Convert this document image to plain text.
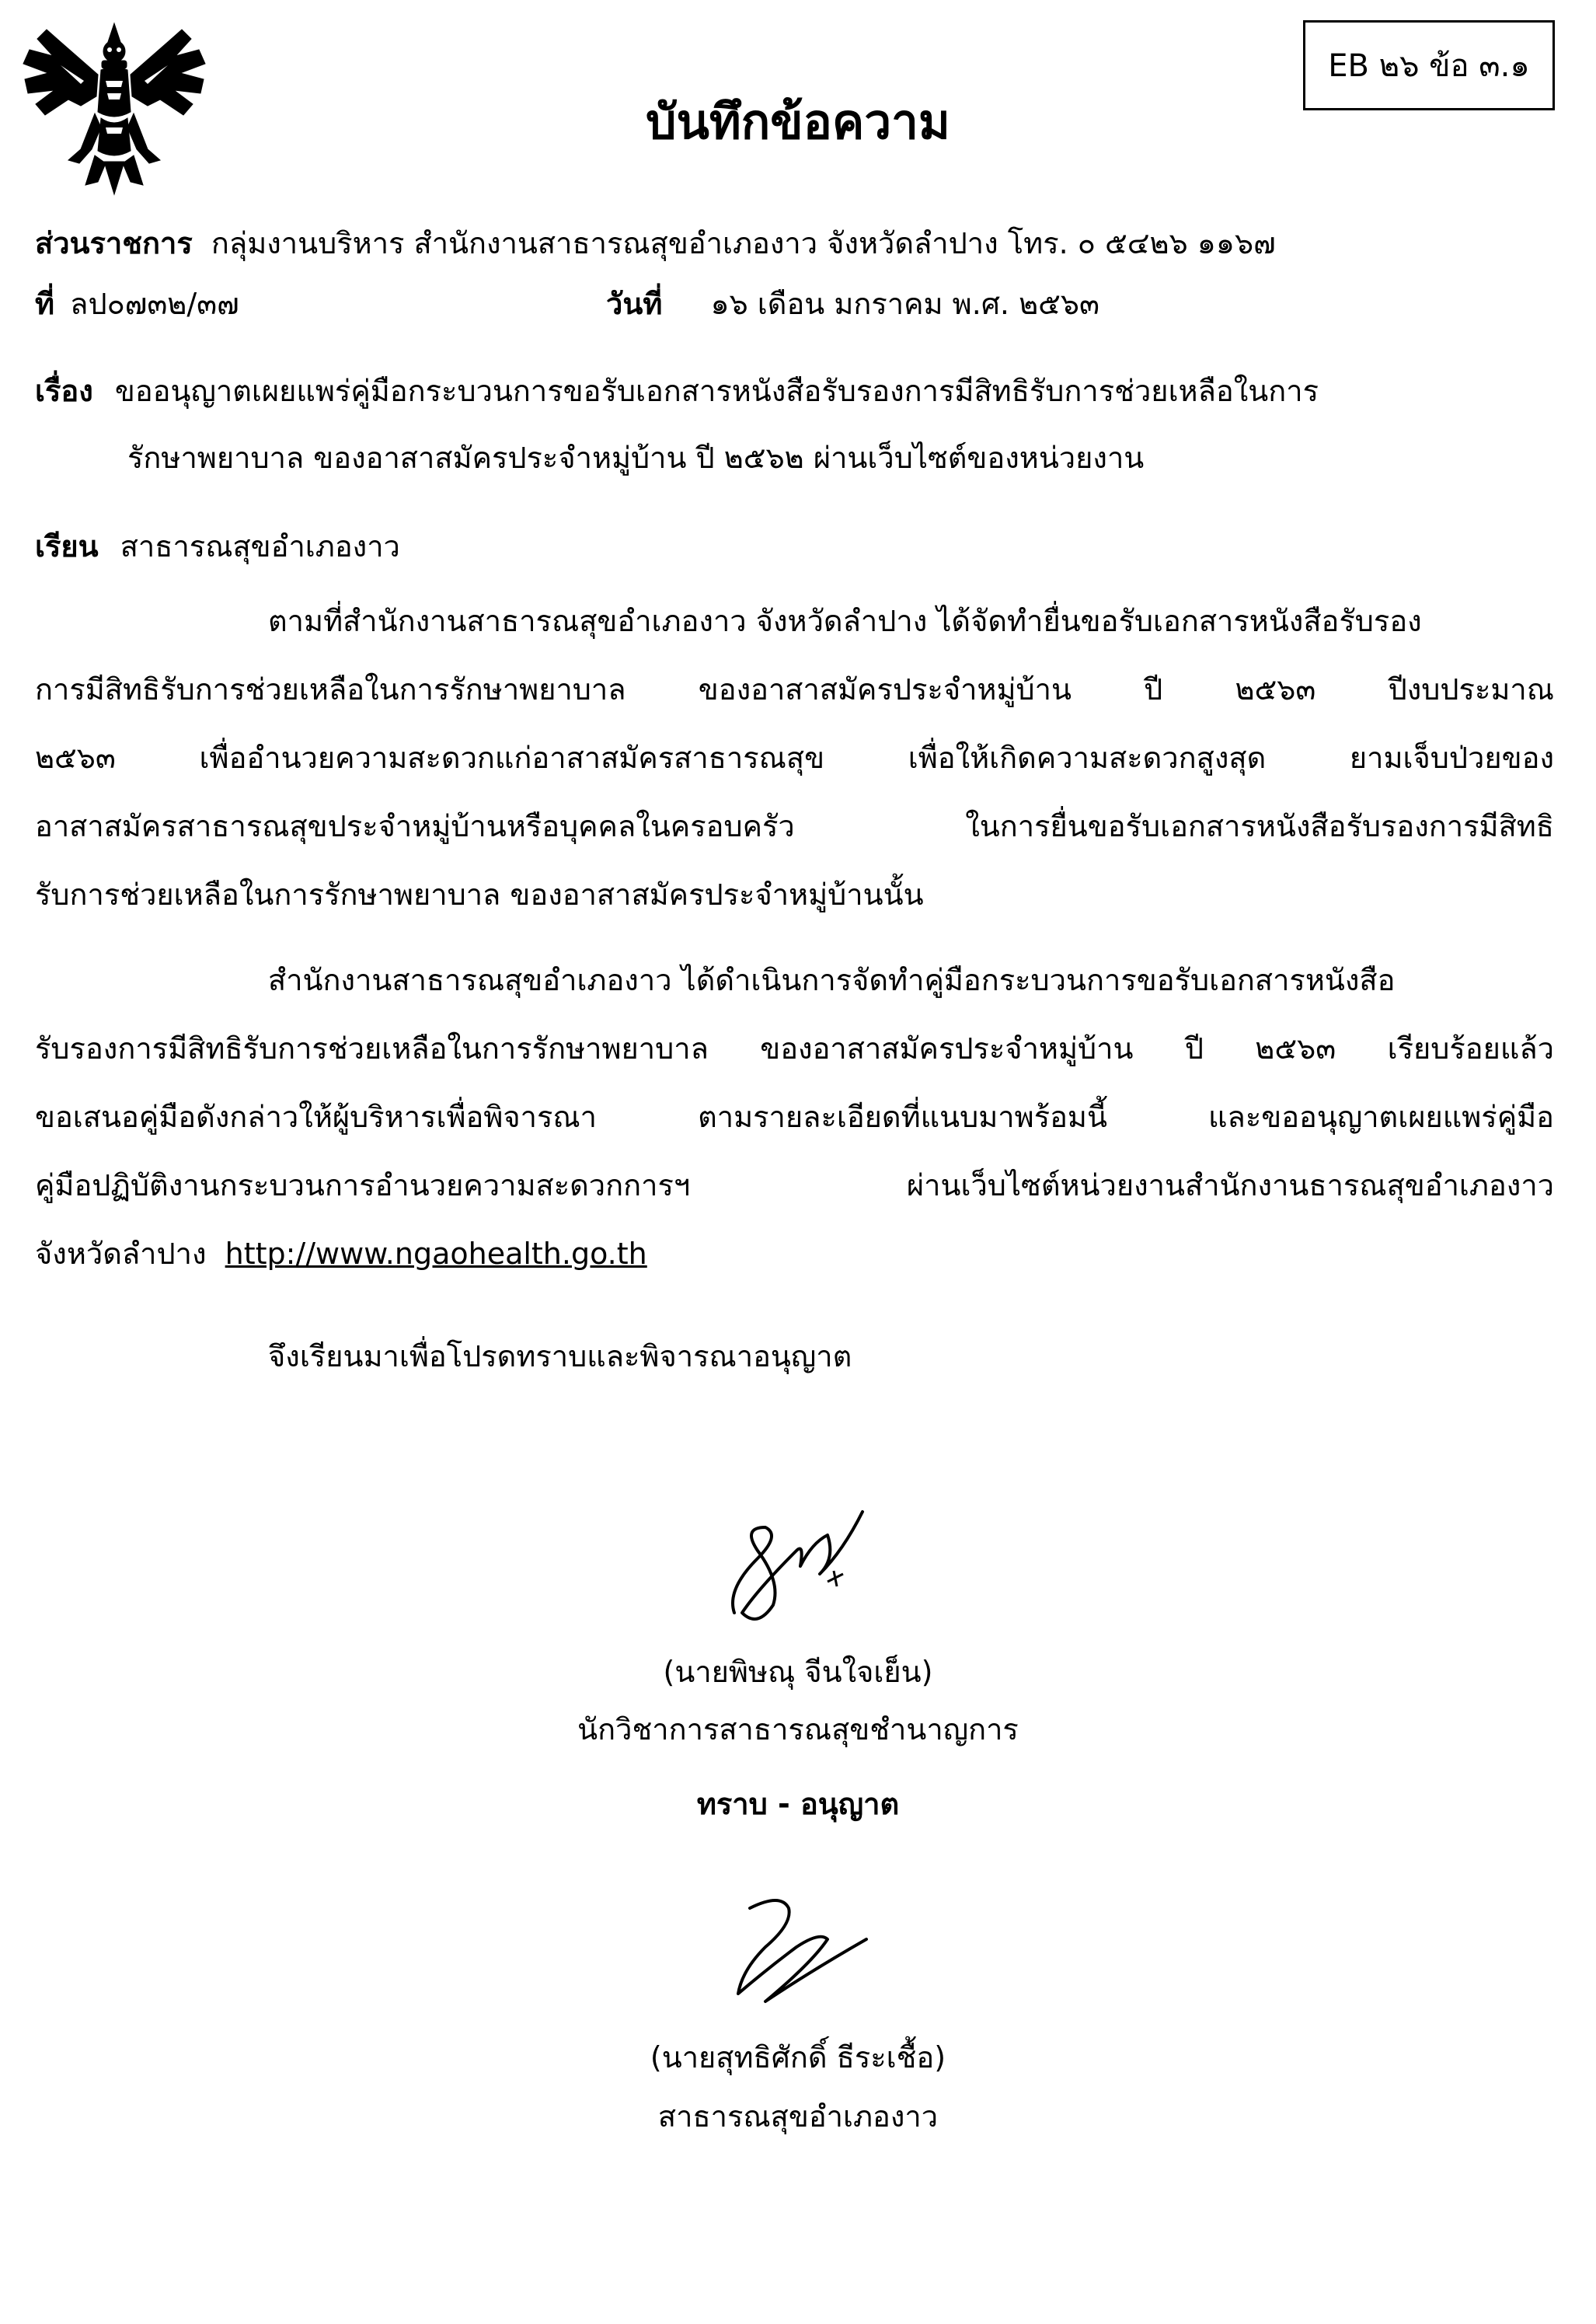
EB ๒๖ ข้อ ๓.๑
บันทึกข้อความ
ส่วนราชการ กลุ่มงานบริหาร สำนักงานสาธารณสุขอำเภองาว จังหวัดลำปาง โทร. ๐ ๕๔๒๖ ๑๑๖๗
ที่ ลป๐๗๓๒/๓๗	วันที่ ๑๖ เดือน มกราคม พ.ศ. ๒๕๖๓
เรื่อง ขออนุญาตเผยแพร่คู่มือกระบวนการขอรับเอกสารหนังสือรับรองการมีสิทธิรับการช่วยเหลือในการ
รักษาพยาบาล ของอาสาสมัครประจำหมู่บ้าน ปี ๒๕๖๒ ผ่านเว็บไซต์ของหน่วยงาน
เรียน สาธารณสุขอำเภองาว
ตามที่สำนักงานสาธารณสุขอำเภองาว จังหวัดลำปาง ได้จัดทำยื่นขอรับเอกสารหนังสือรับรอง
การมีสิทธิรับการช่วยเหลือในการรักษาพยาบาล ของอาสาสมัครประจำหมู่บ้าน ปี ๒๕๖๓ ปีงบประมาณ
๒๕๖๓ เพื่ออำนวยความสะดวกแก่อาสาสมัครสาธารณสุข เพื่อให้เกิดความสะดวกสูงสุด ยามเจ็บป่วยของ
อาสาสมัครสาธารณสุขประจำหมู่บ้านหรือบุคคลในครอบครัว ในการยื่นขอรับเอกสารหนังสือรับรองการมีสิทธิ
รับการช่วยเหลือในการรักษาพยาบาล ของอาสาสมัครประจำหมู่บ้านนั้น
สำนักงานสาธารณสุขอำเภองาว ได้ดำเนินการจัดทำคู่มือกระบวนการขอรับเอกสารหนังสือ
รับรองการมีสิทธิรับการช่วยเหลือในการรักษาพยาบาล ของอาสาสมัครประจำหมู่บ้าน ปี ๒๕๖๓ เรียบร้อยแล้ว
ขอเสนอคู่มือดังกล่าวให้ผู้บริหารเพื่อพิจารณา ตามรายละเอียดที่แนบมาพร้อมนี้ และขออนุญาตเผยแพร่คู่มือ
คู่มือปฏิบัติงานกระบวนการอำนวยความสะดวกการฯ ผ่านเว็บไซต์หน่วยงานสำนักงานธารณสุขอำเภองาว
จังหวัดลำปาง http://www.ngaohealth.go.th
จึงเรียนมาเพื่อโปรดทราบและพิจารณาอนุญาต
(นายพิษณุ จีนใจเย็น)
นักวิชาการสาธารณสุขชำนาญการ
ทราบ - อนุญาต
(นายสุทธิศักดิ์ ธีระเชื้อ)
สาธารณสุขอำเภองาว
